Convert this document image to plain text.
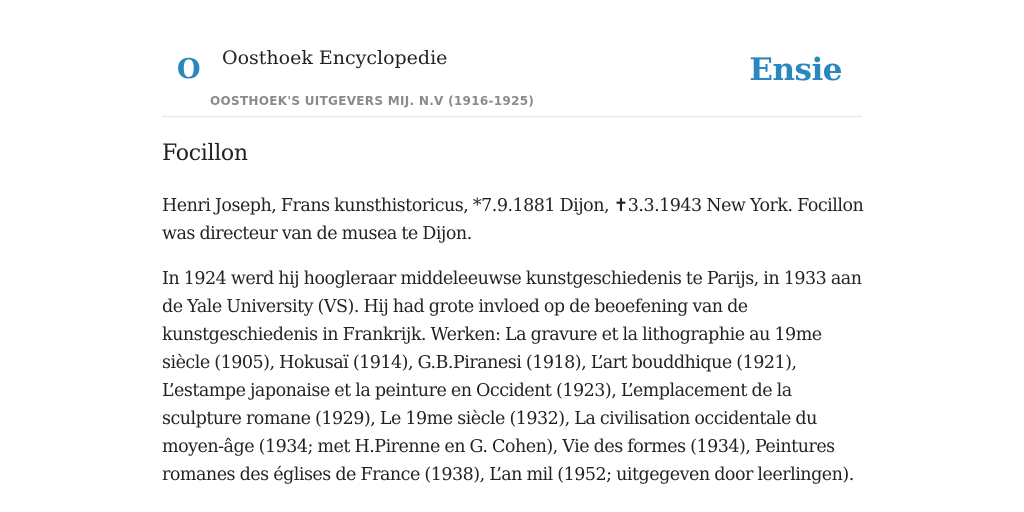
O Oosthoek Encyclopedie
OOSTHOEK'S UITGEVERS MIJ. N.V (1916-1925)
Ensie
Focillon

Henri Joseph, Frans kunsthistoricus, *7.9.1881 Dijon, ✝3.3.1943 New York. Focillon was directeur van de musea te Dijon.

In 1924 werd hij hoogleraar middeleeuwse kunstgeschiedenis te Parijs, in 1933 aan de Yale University (VS). Hij had grote invloed op de beoefening van de kunstgeschiedenis in Frankrijk. Werken: La gravure et la lithographie au 19me siècle (1905), Hokusaï (1914), G.B.Piranesi (1918), L’art bouddhique (1921), L’estampe japonaise et la peinture en Occident (1923), L’emplacement de la sculpture romane (1929), Le 19me siècle (1932), La civilisation occidentale du moyen-âge (1934; met H.Pirenne en G. Cohen), Vie des formes (1934), Peintures romanes des églises de France (1938), L’an mil (1952; uitgegeven door leerlingen).
